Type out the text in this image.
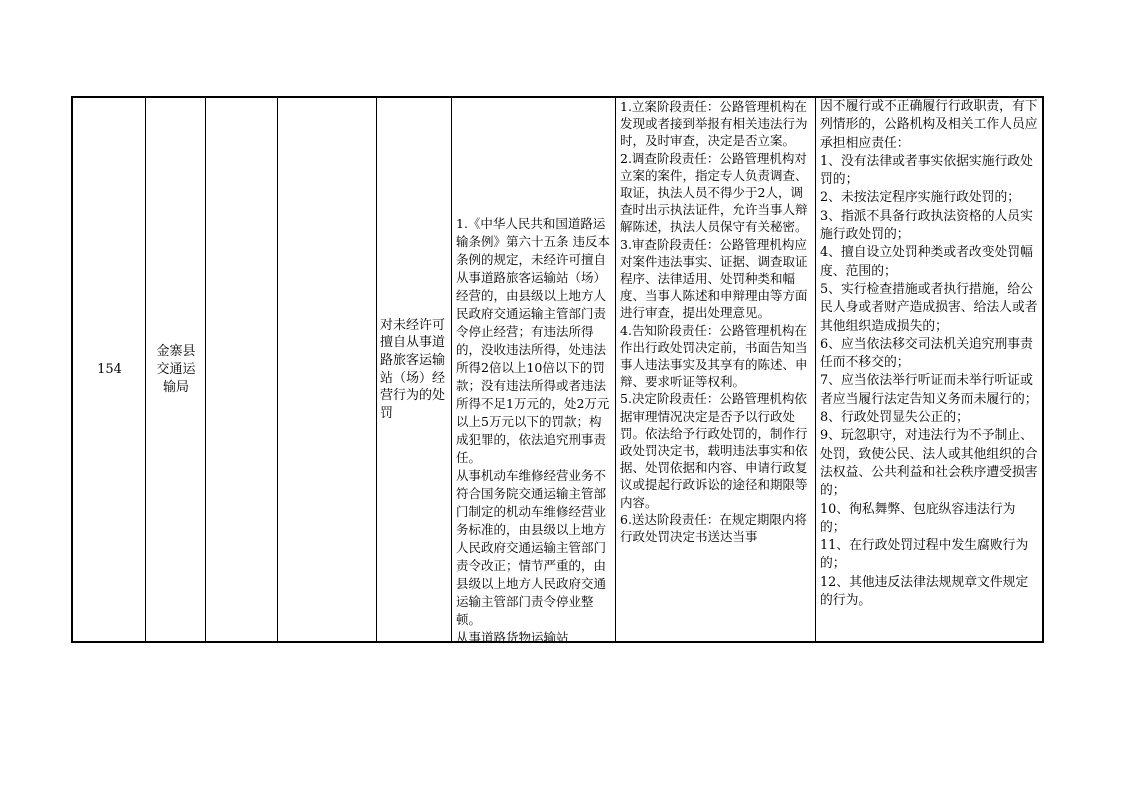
154
金寨县
交通运
输局
对未经许可擅自从事道路旅客运输站（场）经营行为的处罚

1.《中华人民共和国道路运输条例》第六十五条 违反本条例的规定，未经许可擅自从事道路旅客运输站（场）经营的，由县级以上地方人民政府交通运输主管部门责令停止经营；有违法所得的，没收违法所得，处违法所得2倍以上10倍以下的罚款；没有违法所得或者违法所得不足1万元的，处2万元以上5万元以下的罚款；构成犯罪的，依法追究刑事责任。

从事机动车维修经营业务不符合国务院交通运输主管部门制定的机动车维修经营业务标准的，由县级以上地方人民政府交通运输主管部门责令改正；情节严重的，由县级以上地方人民政府交通运输主管部门责令停业整顿。

从事道路货物运输站

1.立案阶段责任：公路管理机构在发现或者接到举报有相关违法行为时，及时审查，决定是否立案。

2.调查阶段责任：公路管理机构对立案的案件，指定专人负责调查、取证，执法人员不得少于2人，调查时出示执法证件，允许当事人辩解陈述，执法人员保守有关秘密。

3.审查阶段责任：公路管理机构应对案件违法事实、证据、调查取证程序、法律适用、处罚种类和幅度、当事人陈述和申辩理由等方面进行审查，提出处理意见。

4.告知阶段责任：公路管理机构在作出行政处罚决定前，书面告知当事人违法事实及其享有的陈述、申辩、要求听证等权利。

5.决定阶段责任：公路管理机构依据审理情况决定是否予以行政处罚。依法给予行政处罚的，制作行政处罚决定书，载明违法事实和依据、处罚依据和内容、申请行政复议或提起行政诉讼的途径和期限等内容。

6.送达阶段责任：在规定期限内将行政处罚决定书送达当事

因不履行或不正确履行行政职责，有下列情形的，公路机构及相关工作人员应承担相应责任：

1、没有法律或者事实依据实施行政处罚的；

2、未按法定程序实施行政处罚的；

3、指派不具备行政执法资格的人员实施行政处罚的；

4、擅自设立处罚种类或者改变处罚幅度、范围的；

5、实行检查措施或者执行措施，给公民人身或者财产造成损害、给法人或者其他组织造成损失的；

6、应当依法移交司法机关追究刑事责任而不移交的；

7、应当依法举行听证而未举行听证或者应当履行法定告知义务而未履行的；

8、行政处罚显失公正的；

9、玩忽职守，对违法行为不予制止、处罚，致使公民、法人或其他组织的合法权益、公共利益和社会秩序遭受损害的；

10、徇私舞弊、包庇纵容违法行为的；

11、在行政处罚过程中发生腐败行为的；

12、其他违反法律法规规章文件规定的行为。
